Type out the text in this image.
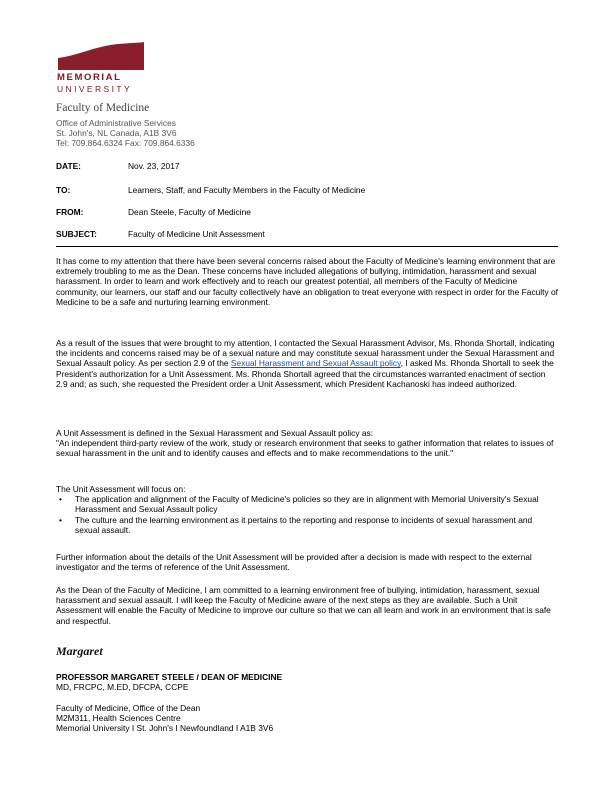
MEMORIAL
UNIVERSITY
Faculty of Medicine
Office of Administrative Services
St. John's, NL Canada, A1B 3V6
Tel: 709.864.6324 Fax: 709.864.6336
DATE:	Nov. 23, 2017
TO:	Learners, Staff, and Faculty Members in the Faculty of Medicine
FROM:	Dean Steele, Faculty of Medicine
SUBJECT:	Faculty of Medicine Unit Assessment

It has come to my attention that there have been several concerns raised about the Faculty of Medicine's learning environment that are extremely troubling to me as the Dean. These concerns have included allegations of bullying, intimidation, harassment and sexual harassment. In order to learn and work effectively and to reach our greatest potential, all members of the Faculty of Medicine community, our learners, our staff and our faculty collectively have an obligation to treat everyone with respect in order for the Faculty of Medicine to be a safe and nurturing learning environment.

As a result of the issues that were brought to my attention, I contacted the Sexual Harassment Advisor, Ms. Rhonda Shortall, indicating the incidents and concerns raised may be of a sexual nature and may constitute sexual harassment under the Sexual Harassment and Sexual Assault policy. As per section 2.9 of the Sexual Harassment and Sexual Assault policy, I asked Ms. Rhonda Shortall to seek the President's authorization for a Unit Assessment. Ms. Rhonda Shortall agreed that the circumstances warranted enactment of section 2.9 and; as such, she requested the President order a Unit Assessment, which President Kachanoski has indeed authorized.

A Unit Assessment is defined in the Sexual Harassment and Sexual Assault policy as:

"An independent third-party review of the work, study or research environment that seeks to gather information that relates to issues of sexual harassment in the unit and to identify causes and effects and to make recommendations to the unit."

The Unit Assessment will focus on:

• The application and alignment of the Faculty of Medicine's policies so they are in alignment with Memorial University's Sexual Harassment and Sexual Assault policy
• The culture and the learning environment as it pertains to the reporting and response to incidents of sexual harassment and sexual assault.

Further information about the details of the Unit Assessment will be provided after a decision is made with respect to the external investigator and the terms of reference of the Unit Assessment.

As the Dean of the Faculty of Medicine, I am committed to a learning environment free of bullying, intimidation, harassment, sexual harassment and sexual assault. I will keep the Faculty of Medicine aware of the next steps as they are available. Such a Unit Assessment will enable the Faculty of Medicine to improve our culture so that we can all learn and work in an environment that is safe and respectful.

Margaret
PROFESSOR MARGARET STEELE / DEAN OF MEDICINE
MD, FRCPC, M.ED, DFCPA, CCPE
Faculty of Medicine, Office of the Dean
M2M311, Health Sciences Centre
Memorial University I St. John's I Newfoundland I A1B 3V6
